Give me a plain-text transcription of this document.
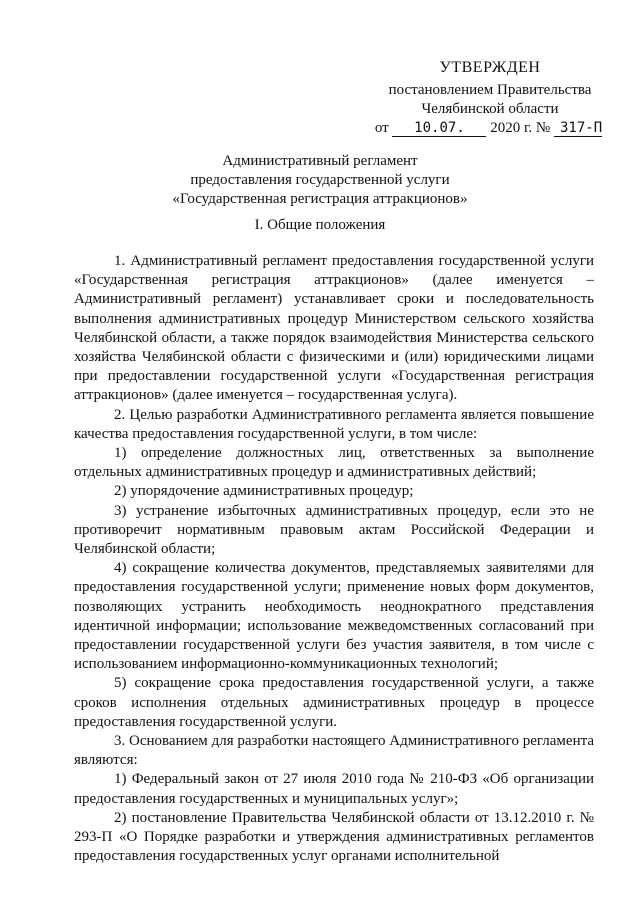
УТВЕРЖДЕН
постановлением Правительства
Челябинской области
от 10.07. 2020 г. № 317-П
Административный регламент
предоставления государственной услуги
«Государственная регистрация аттракционов»
I. Общие положения

1. Административный регламент предоставления государственной услуги «Государственная регистрация аттракционов» (далее именуется – Административный регламент) устанавливает сроки и последовательность выполнения административных процедур Министерством сельского хозяйства Челябинской области, а также порядок взаимодействия Министерства сельского хозяйства Челябинской области с физическими и (или) юридическими лицами при предоставлении государственной услуги «Государственная регистрация аттракционов» (далее именуется – государственная услуга).

2. Целью разработки Административного регламента является повышение качества предоставления государственной услуги, в том числе:

1) определение должностных лиц, ответственных за выполнение отдельных административных процедур и административных действий;

2) упорядочение административных процедур;

3) устранение избыточных административных процедур, если это не противоречит нормативным правовым актам Российской Федерации и Челябинской области;

4) сокращение количества документов, представляемых заявителями для предоставления государственной услуги; применение новых форм документов, позволяющих устранить необходимость неоднократного представления идентичной информации; использование межведомственных согласований при предоставлении государственной услуги без участия заявителя, в том числе с использованием информационно-коммуникационных технологий;

5) сокращение срока предоставления государственной услуги, а также сроков исполнения отдельных административных процедур в процессе предоставления государственной услуги.

3. Основанием для разработки настоящего Административного регламента являются:

1) Федеральный закон от 27 июля 2010 года № 210-ФЗ «Об организации предоставления государственных и муниципальных услуг»;

2) постановление Правительства Челябинской области от 13.12.2010 г. № 293-П «О Порядке разработки и утверждения административных регламентов предоставления государственных услуг органами исполнительной
